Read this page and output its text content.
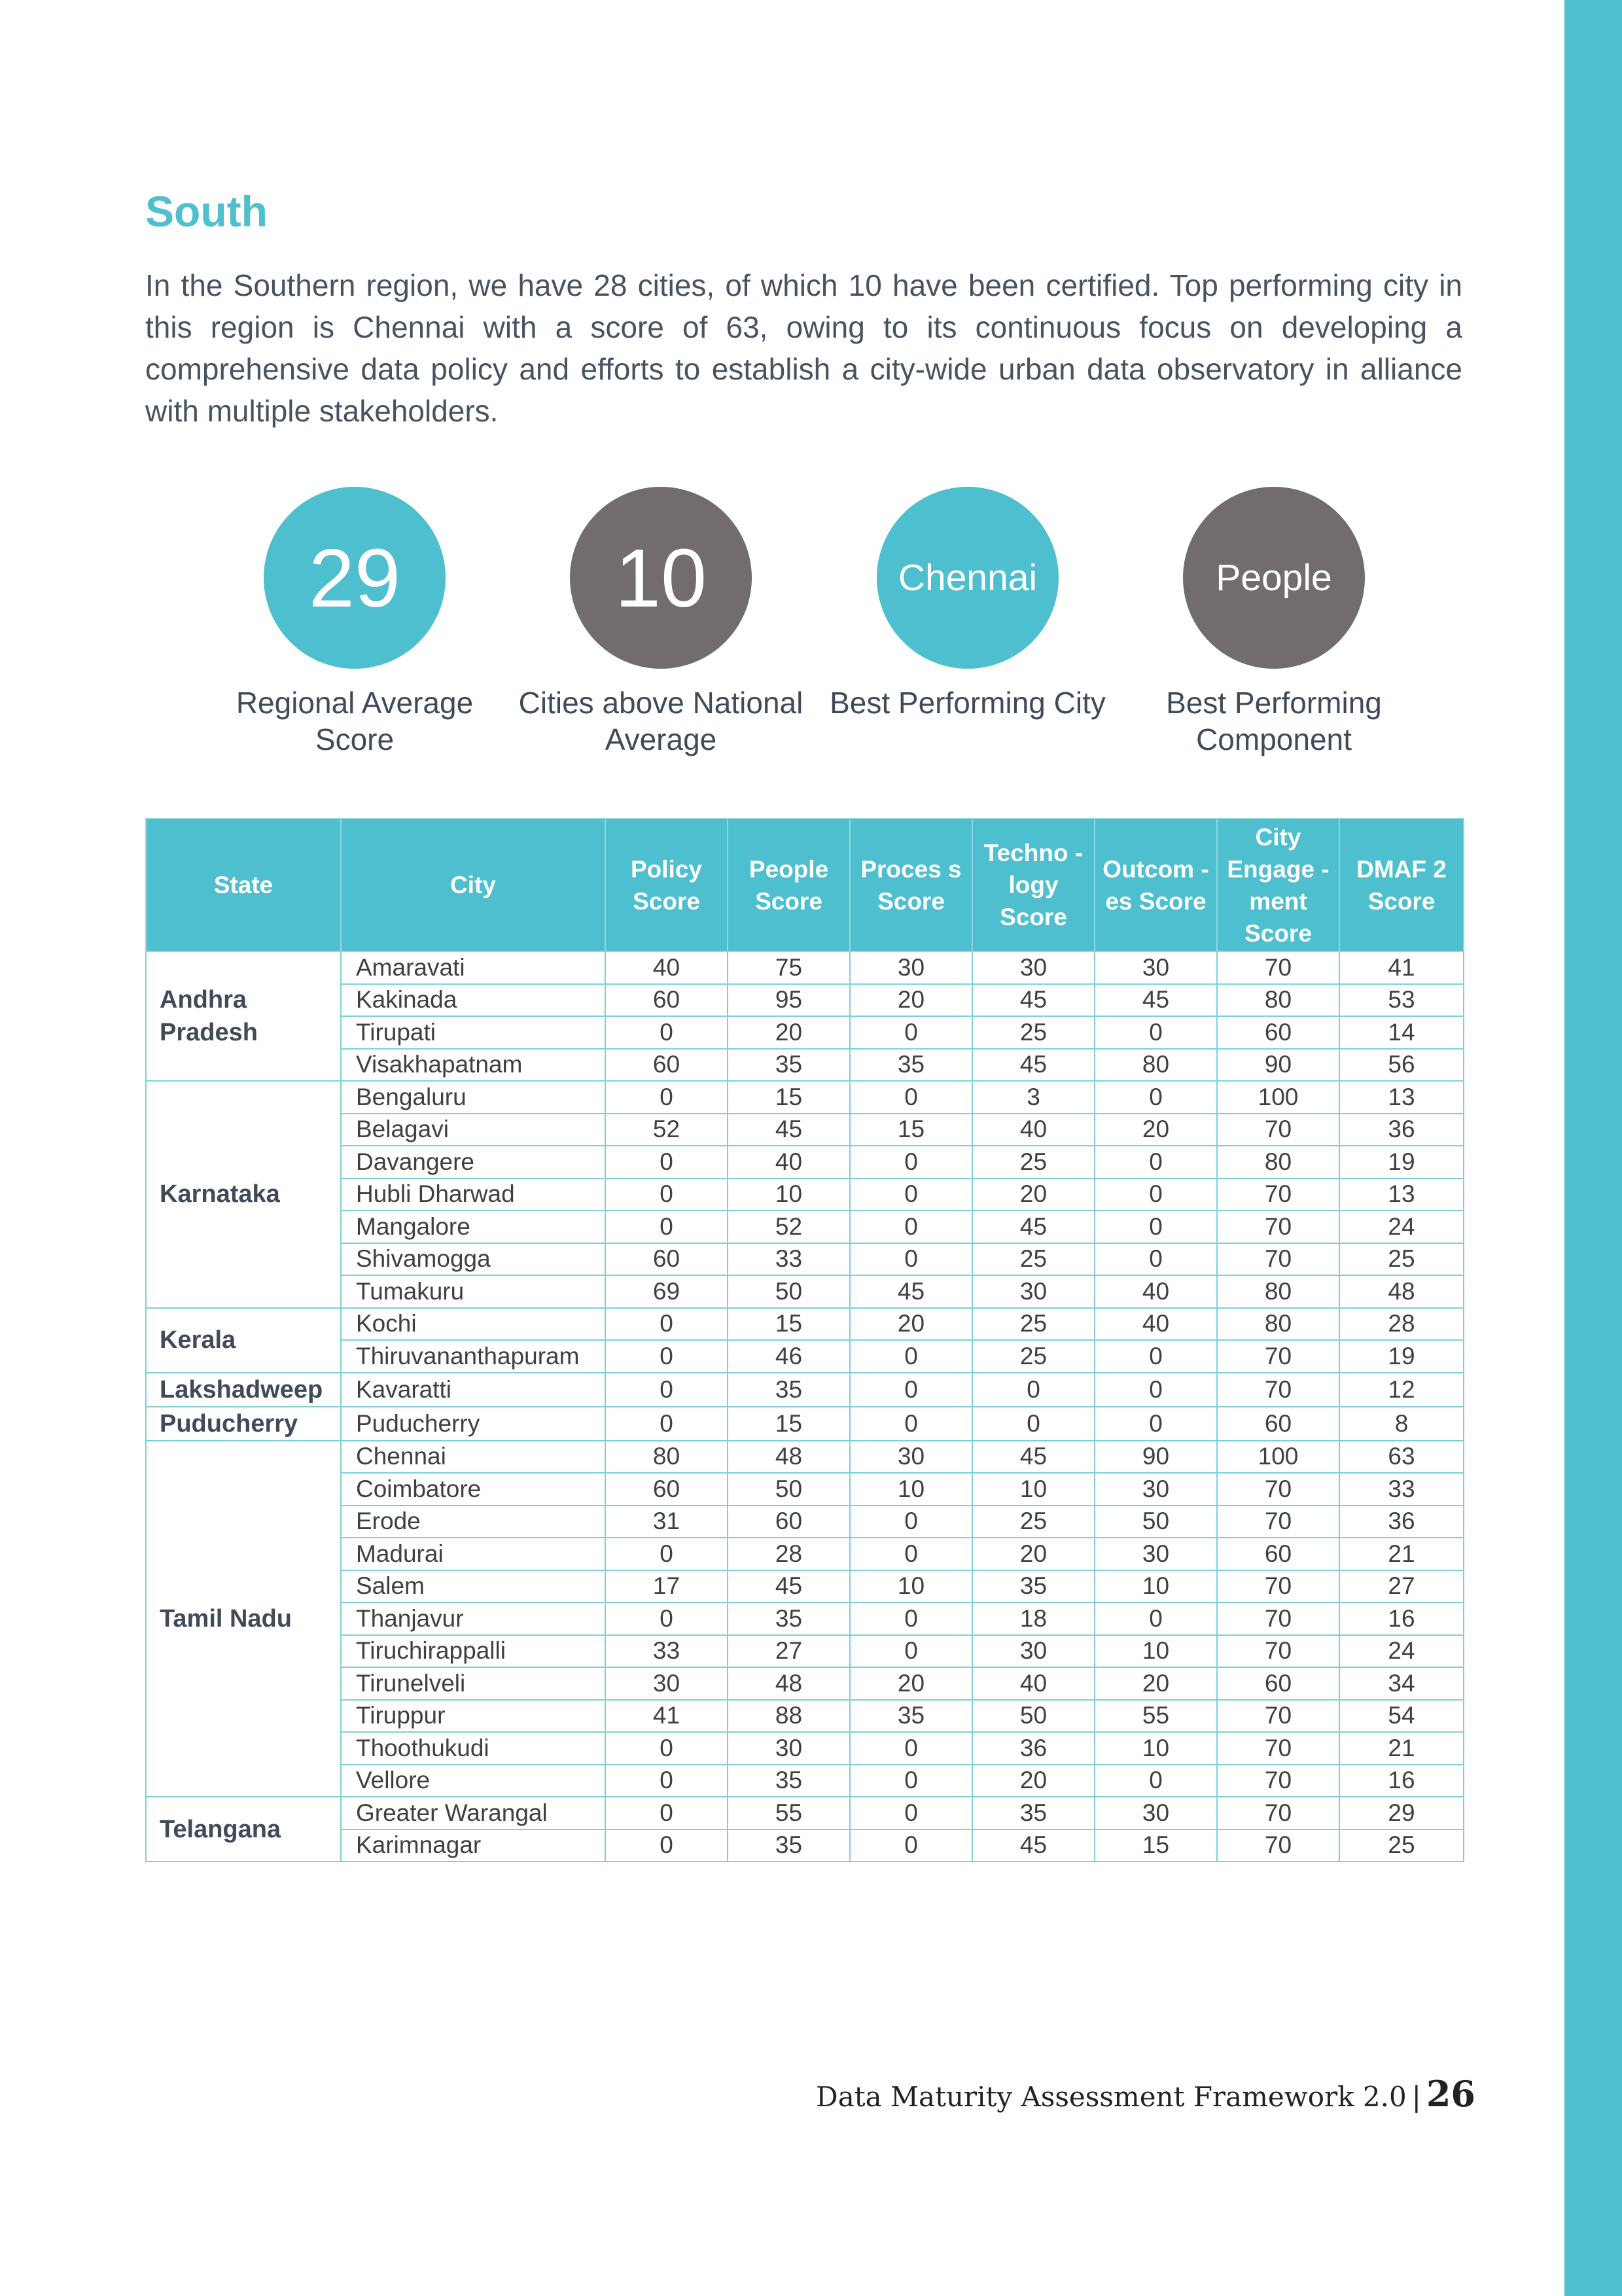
South

In the Southern region, we have 28 cities, of which 10 have been certified. Top performing city in this region is Chennai with a score of 63, owing to its continuous focus on developing a comprehensive data policy and efforts to establish a city-wide urban data observatory in alliance with multiple stakeholders.

29
Regional Average Score
10
Cities above National Average
Chennai
Best Performing City
People
Best Performing Component
State	City	Policy Score	People Score	Proces s Score	Techno -logy Score	Outcom -es Score	City Engage -ment Score	DMAF 2 Score
Andhra Pradesh	Amaravati	40	75	30	30	30	70	41
	Kakinada	60	95	20	45	45	80	53
	Tirupati	0	20	0	25	0	60	14
	Visakhapatnam	60	35	35	45	80	90	56
Karnataka	Bengaluru	0	15	0	3	0	100	13
	Belagavi	52	45	15	40	20	70	36
	Davangere	0	40	0	25	0	80	19
	Hubli Dharwad	0	10	0	20	0	70	13
	Mangalore	0	52	0	45	0	70	24
	Shivamogga	60	33	0	25	0	70	25
	Tumakuru	69	50	45	30	40	80	48
Kerala	Kochi	0	15	20	25	40	80	28
	Thiruvananthapuram	0	46	0	25	0	70	19
Lakshadweep	Kavaratti	0	35	0	0	0	70	12
Puducherry	Puducherry	0	15	0	0	0	60	8
Tamil Nadu	Chennai	80	48	30	45	90	100	63
	Coimbatore	60	50	10	10	30	70	33
	Erode	31	60	0	25	50	70	36
	Madurai	0	28	0	20	30	60	21
	Salem	17	45	10	35	10	70	27
	Thanjavur	0	35	0	18	0	70	16
	Tiruchirappalli	33	27	0	30	10	70	24
	Tirunelveli	30	48	20	40	20	60	34
	Tiruppur	41	88	35	50	55	70	54
	Thoothukudi	0	30	0	36	10	70	21
	Vellore	0	35	0	20	0	70	16
Telangana	Greater Warangal	0	55	0	35	30	70	29
	Karimnagar	0	35	0	45	15	70	25
Data Maturity Assessment Framework 2.0 | 26
